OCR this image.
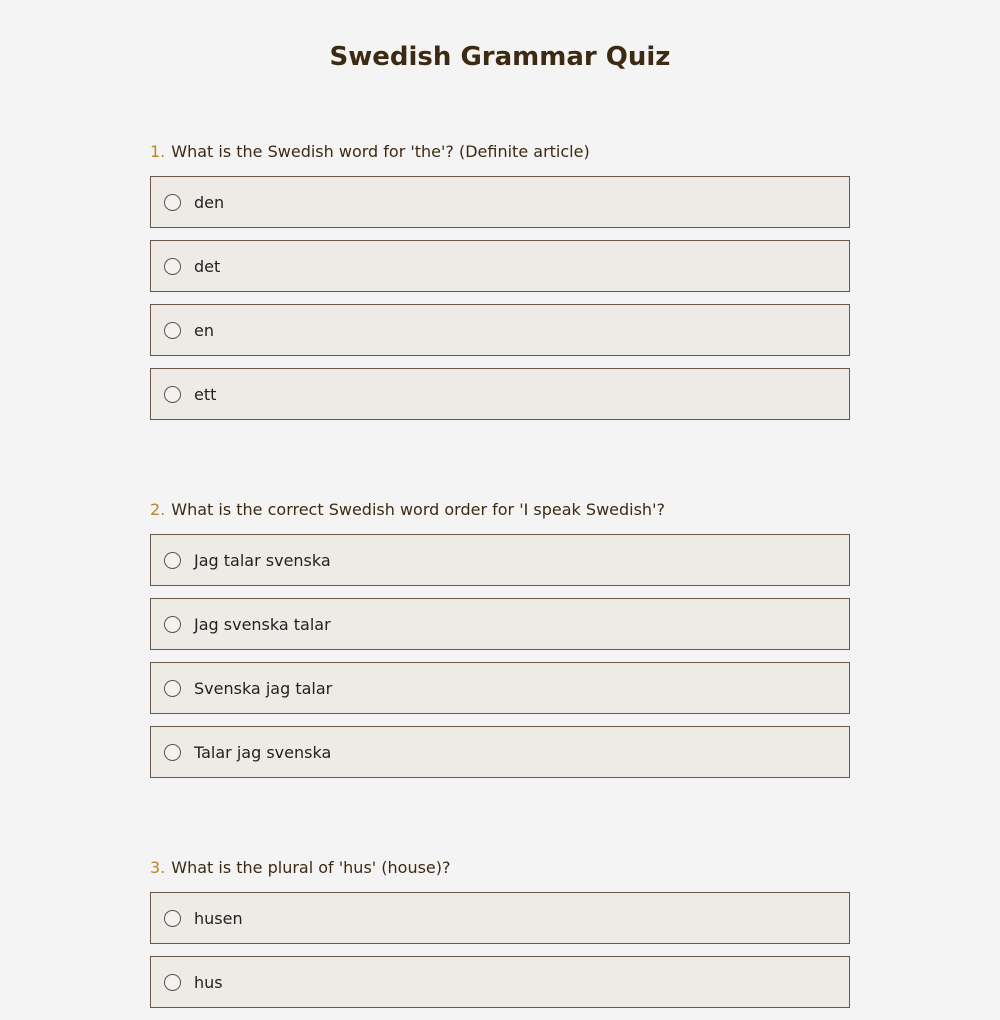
Swedish Grammar Quiz
1. What is the Swedish word for 'the'? (Definite article)
den
det
en
ett
2. What is the correct Swedish word order for 'I speak Swedish'?
Jag talar svenska
Jag svenska talar
Svenska jag talar
Talar jag svenska
3. What is the plural of 'hus' (house)?
husen
hus
